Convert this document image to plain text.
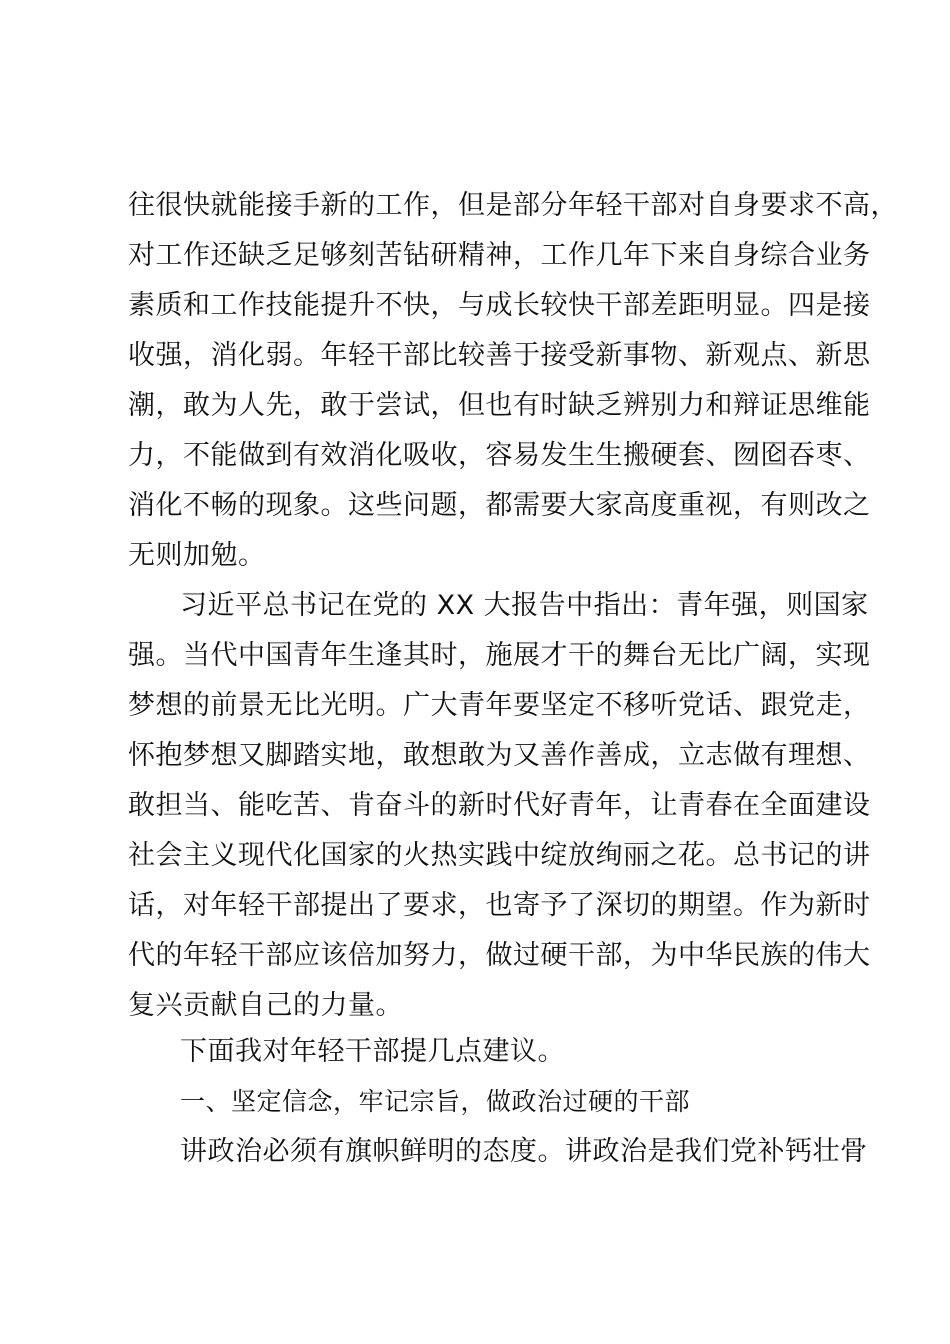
往很快就能接手新的工作，但是部分年轻干部对自身要求不高，
对工作还缺乏足够刻苦钻研精神，工作几年下来自身综合业务
素质和工作技能提升不快，与成长较快干部差距明显。四是接
收强，消化弱。年轻干部比较善于接受新事物、新观点、新思
潮，敢为人先，敢于尝试，但也有时缺乏辨别力和辩证思维能
力，不能做到有效消化吸收，容易发生生搬硬套、囫囵吞枣、
消化不畅的现象。这些问题，都需要大家高度重视，有则改之
无则加勉。
习近平总书记在党的 XX 大报告中指出：青年强，则国家
强。当代中国青年生逢其时，施展才干的舞台无比广阔，实现
梦想的前景无比光明。广大青年要坚定不移听党话、跟党走，
怀抱梦想又脚踏实地，敢想敢为又善作善成，立志做有理想、
敢担当、能吃苦、肯奋斗的新时代好青年，让青春在全面建设
社会主义现代化国家的火热实践中绽放绚丽之花。总书记的讲
话，对年轻干部提出了要求，也寄予了深切的期望。作为新时
代的年轻干部应该倍加努力，做过硬干部，为中华民族的伟大
复兴贡献自己的力量。
下面我对年轻干部提几点建议。
一、坚定信念，牢记宗旨，做政治过硬的干部
讲政治必须有旗帜鲜明的态度。讲政治是我们党补钙壮骨
